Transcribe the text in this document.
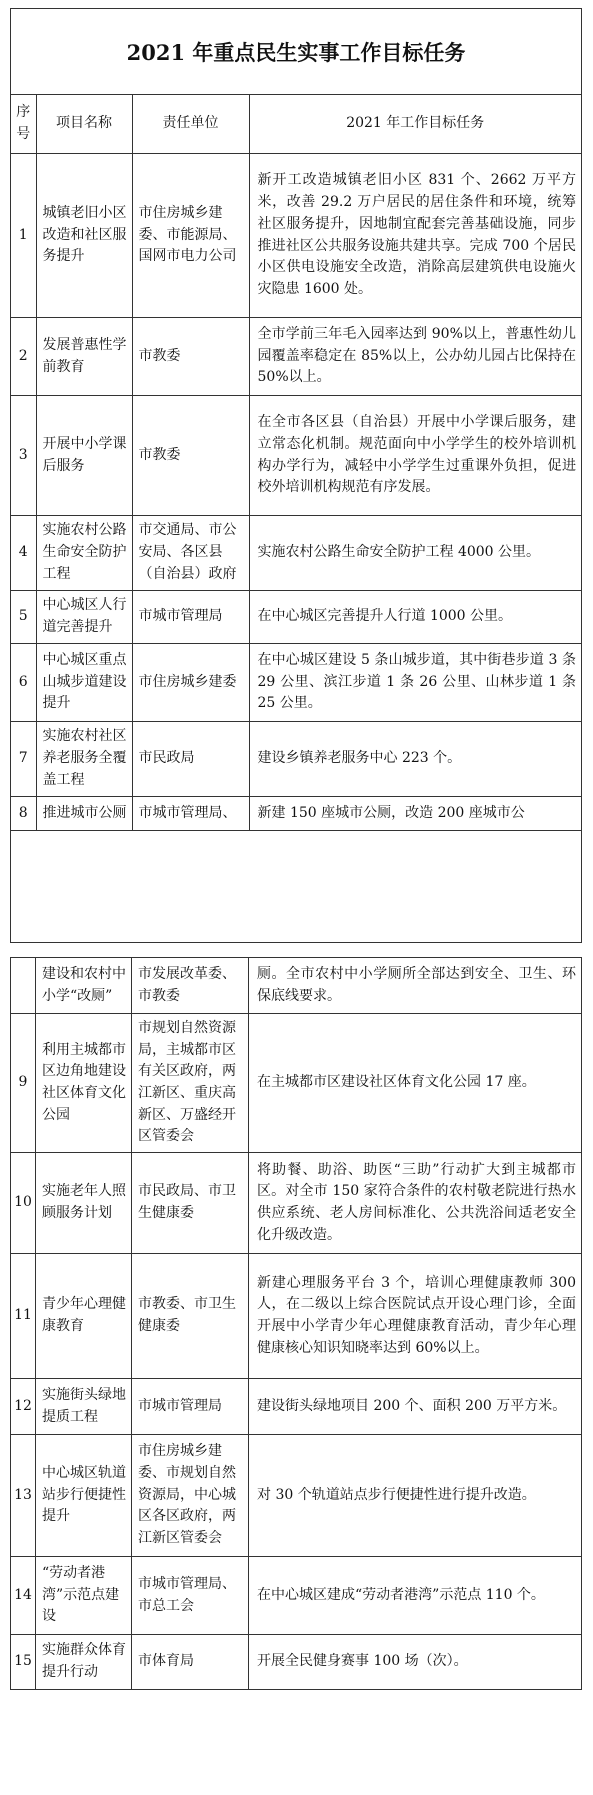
2021 年重点民生实事工作目标任务
序号	项目名称	责任单位	2021 年工作目标任务
1	城镇老旧小区改造和社区服务提升	市住房城乡建委、市能源局、国网市电力公司	新开工改造城镇老旧小区 831 个、2662 万平方米，改善 29.2 万户居民的居住条件和环境，统筹社区服务提升，因地制宜配套完善基础设施，同步推进社区公共服务设施共建共享。完成 700 个居民小区供电设施安全改造，消除高层建筑供电设施火灾隐患 1600 处。
2	发展普惠性学前教育	市教委	全市学前三年毛入园率达到 90%以上，普惠性幼儿园覆盖率稳定在 85%以上，公办幼儿园占比保持在 50%以上。
3	开展中小学课后服务	市教委	在全市各区县（自治县）开展中小学课后服务，建立常态化机制。规范面向中小学学生的校外培训机构办学行为，减轻中小学学生过重课外负担，促进校外培训机构规范有序发展。
4	实施农村公路生命安全防护工程	市交通局、市公安局、各区县（自治县）政府	实施农村公路生命安全防护工程 4000 公里。
5	中心城区人行道完善提升	市城市管理局	在中心城区完善提升人行道 1000 公里。
6	中心城区重点山城步道建设提升	市住房城乡建委	在中心城区建设 5 条山城步道，其中街巷步道 3 条 29 公里、滨江步道 1 条 26 公里、山林步道 1 条 25 公里。
7	实施农村社区养老服务全覆盖工程	市民政局	建设乡镇养老服务中心 223 个。
8	推进城市公厕	市城市管理局、	新建 150 座城市公厕，改造 200 座城市公
	建设和农村中小学“改厕”	市发展改革委、市教委	厕。全市农村中小学厕所全部达到安全、卫生、环保底线要求。
9	利用主城都市区边角地建设社区体育文化公园	市规划自然资源局，主城都市区有关区政府，两江新区、重庆高新区、万盛经开区管委会	在主城都市区建设社区体育文化公园 17 座。
10	实施老年人照顾服务计划	市民政局、市卫生健康委	将助餐、助浴、助医“三助”行动扩大到主城都市区。对全市 150 家符合条件的农村敬老院进行热水供应系统、老人房间标准化、公共洗浴间适老安全化升级改造。
11	青少年心理健康教育	市教委、市卫生健康委	新建心理服务平台 3 个，培训心理健康教师 300 人，在二级以上综合医院试点开设心理门诊，全面开展中小学青少年心理健康教育活动，青少年心理健康核心知识知晓率达到 60%以上。
12	实施街头绿地提质工程	市城市管理局	建设街头绿地项目 200 个、面积 200 万平方米。
13	中心城区轨道站步行便捷性提升	市住房城乡建委、市规划自然资源局，中心城区各区政府，两江新区管委会	对 30 个轨道站点步行便捷性进行提升改造。
14	“劳动者港湾”示范点建设	市城市管理局、市总工会	在中心城区建成“劳动者港湾”示范点 110 个。
15	实施群众体育提升行动	市体育局	开展全民健身赛事 100 场（次）。
